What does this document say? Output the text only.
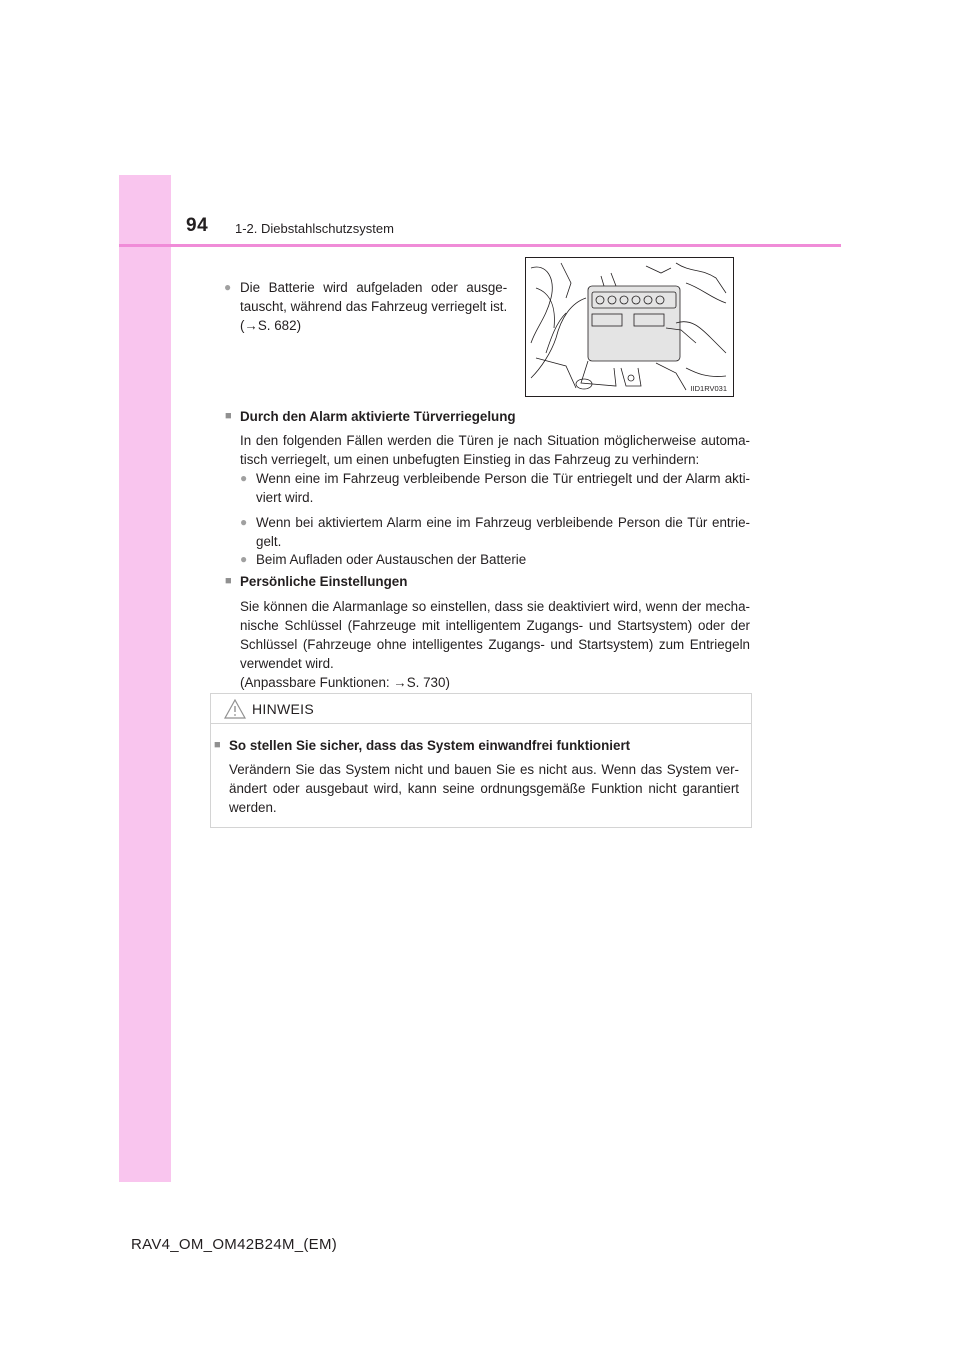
94 1-2. Diebstahlschutzsystem
● Die Batterie wird aufgeladen oder ausge-
tauscht, während das Fahrzeug verriegelt ist.
(→S. 682)
IID1RV031
■ Durch den Alarm aktivierte Türverriegelung
In den folgenden Fällen werden die Türen je nach Situation möglicherweise automa-
tisch verriegelt, um einen unbefugten Einstieg in das Fahrzeug zu verhindern:
● Wenn eine im Fahrzeug verbleibende Person die Tür entriegelt und der Alarm akti-
viert wird.
● Wenn bei aktiviertem Alarm eine im Fahrzeug verbleibende Person die Tür entrie-
gelt.
● Beim Aufladen oder Austauschen der Batterie
■ Persönliche Einstellungen
Sie können die Alarmanlage so einstellen, dass sie deaktiviert wird, wenn der mecha-
nische Schlüssel (Fahrzeuge mit intelligentem Zugangs- und Startsystem) oder der
Schlüssel (Fahrzeuge ohne intelligentes Zugangs- und Startsystem) zum Entriegeln
verwendet wird.
(Anpassbare Funktionen: →S. 730)
HINWEIS
■ So stellen Sie sicher, dass das System einwandfrei funktioniert
Verändern Sie das System nicht und bauen Sie es nicht aus. Wenn das System ver-
ändert oder ausgebaut wird, kann seine ordnungsgemäße Funktion nicht garantiert
werden.
RAV4_OM_OM42B24M_(EM)
